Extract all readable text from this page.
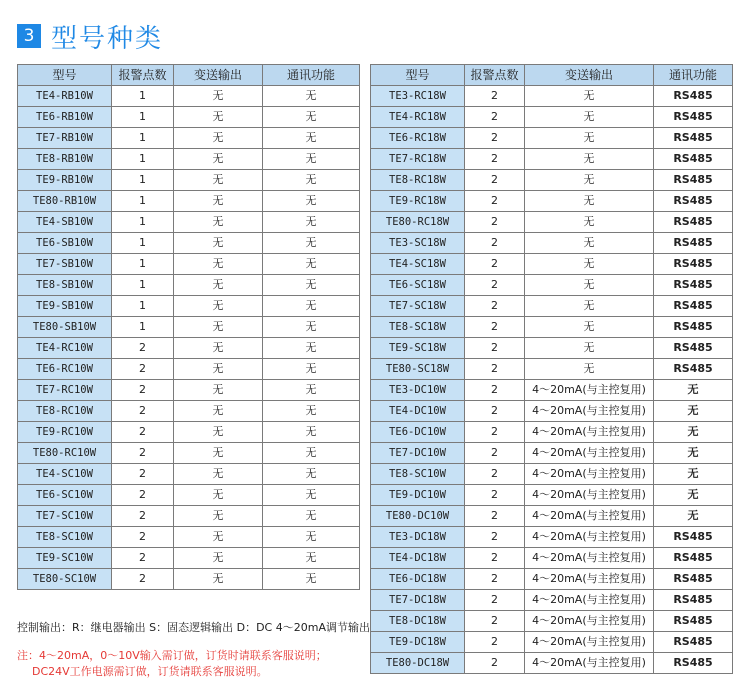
3 型号种类
型号	报警点数	变送输出	通讯功能
TE4-RB10W	1	无	无
TE6-RB10W	1	无	无
TE7-RB10W	1	无	无
TE8-RB10W	1	无	无
TE9-RB10W	1	无	无
TE80-RB10W	1	无	无
TE4-SB10W	1	无	无
TE6-SB10W	1	无	无
TE7-SB10W	1	无	无
TE8-SB10W	1	无	无
TE9-SB10W	1	无	无
TE80-SB10W	1	无	无
TE4-RC10W	2	无	无
TE6-RC10W	2	无	无
TE7-RC10W	2	无	无
TE8-RC10W	2	无	无
TE9-RC10W	2	无	无
TE80-RC10W	2	无	无
TE4-SC10W	2	无	无
TE6-SC10W	2	无	无
TE7-SC10W	2	无	无
TE8-SC10W	2	无	无
TE9-SC10W	2	无	无
TE80-SC10W	2	无	无
型号	报警点数	变送输出	通讯功能
TE3-RC18W	2	无	RS485
TE4-RC18W	2	无	RS485
TE6-RC18W	2	无	RS485
TE7-RC18W	2	无	RS485
TE8-RC18W	2	无	RS485
TE9-RC18W	2	无	RS485
TE80-RC18W	2	无	RS485
TE3-SC18W	2	无	RS485
TE4-SC18W	2	无	RS485
TE6-SC18W	2	无	RS485
TE7-SC18W	2	无	RS485
TE8-SC18W	2	无	RS485
TE9-SC18W	2	无	RS485
TE80-SC18W	2	无	RS485
TE3-DC10W	2	4～20mA(与主控复用)	无
TE4-DC10W	2	4～20mA(与主控复用)	无
TE6-DC10W	2	4～20mA(与主控复用)	无
TE7-DC10W	2	4～20mA(与主控复用)	无
TE8-SC10W	2	4～20mA(与主控复用)	无
TE9-DC10W	2	4～20mA(与主控复用)	无
TE80-DC10W	2	4～20mA(与主控复用)	无
TE3-DC18W	2	4～20mA(与主控复用)	RS485
TE4-DC18W	2	4～20mA(与主控复用)	RS485
TE6-DC18W	2	4～20mA(与主控复用)	RS485
TE7-DC18W	2	4～20mA(与主控复用)	RS485
TE8-DC18W	2	4～20mA(与主控复用)	RS485
TE9-DC18W	2	4～20mA(与主控复用)	RS485
TE80-DC18W	2	4～20mA(与主控复用)	RS485
控制输出：R：继电器输出 S：固态逻辑输出 D：DC 4～20mA调节输出
注：4～20mA，0～10V输入需订做，订货时请联系客服说明；
DC24V工作电源需订做，订货请联系客服说明。
